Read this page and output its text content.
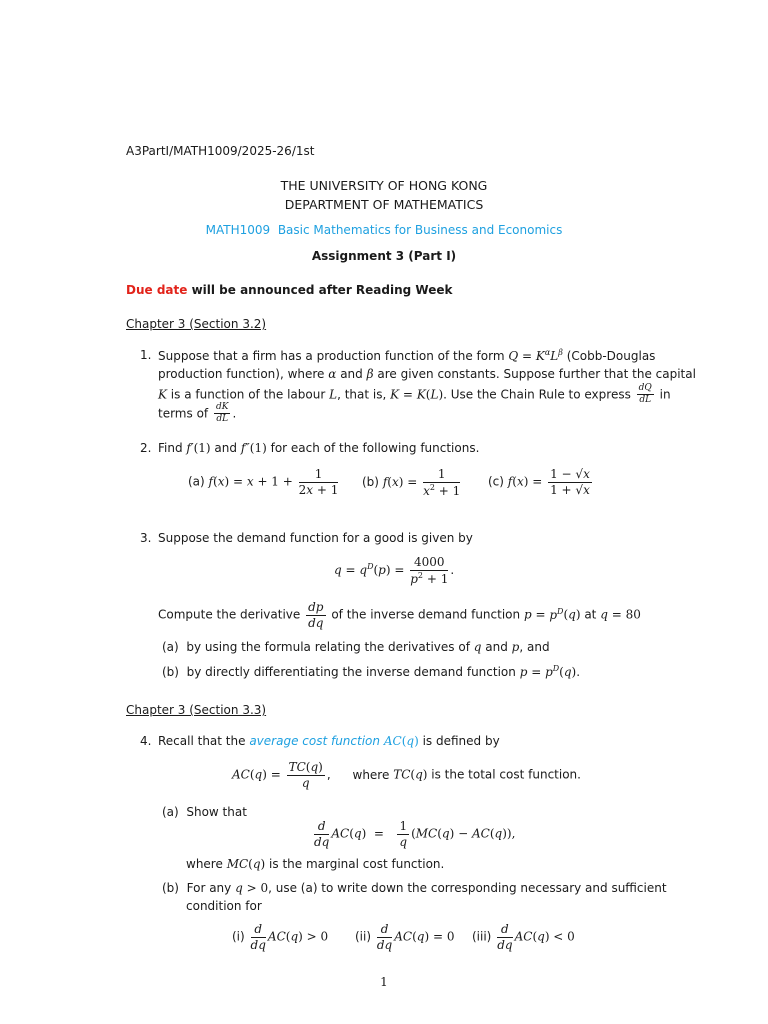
A3PartI/MATH1009/2025-26/1st
THE UNIVERSITY OF HONG KONG
DEPARTMENT OF MATHEMATICS
MATH1009 Basic Mathematics for Business and Economics
Assignment 3 (Part I)
Due date will be announced after Reading Week
Chapter 3 (Section 3.2)
1. Suppose that a firm has a production function of the form $Q = K^\alpha L^\beta$ (Cobb-Douglas
production function), where α and β are given constants. Suppose further that the capital
K is a function of the labour L, that is, K = K(L). Use the Chain Rule to express $\frac{dQ}{dL}$ in
terms of $\frac{dK}{dL}$ .
2. Find f′(1) and f″(1) for each of the following functions.
(a) $f(x) = x + 1 + \frac{1}{2x + 1} (b) f(x) = \frac{1}{x^2 + 1} (c) f(x) = \frac{1 - √x}{1 + √x}$
3. Suppose the demand function for a good is given by
$q = q^D(p) = \frac{4000}{p^2 + 1}$ .
Compute the derivative $\frac{dp}{dq}$ of the inverse demand function $p = p^D(q)$ at q = 80
(a) by using the formula relating the derivatives of q and p, and
(b) by directly differentiating the inverse demand function $p = p^D(q)$.
Chapter 3 (Section 3.3)
4. Recall that the average cost function AC(q) is defined by
$AC(q) = \frac{TC(q)}{q}$ , where TC(q) is the total cost function.
(a) Show that
$\frac{d}{dq} AC(q) = \frac{1}{q} (MC(q) - AC(q))$,
where MC(q) is the marginal cost function.
(b) For any q > 0, use (a) to write down the corresponding necessary and sufficient
condition for
$(i) \frac{d}{dq} AC(q) > 0$ $(ii) \frac{d}{dq} AC(q) = 0$ $(iii) \frac{d}{dq} AC(q) < 0$
1
